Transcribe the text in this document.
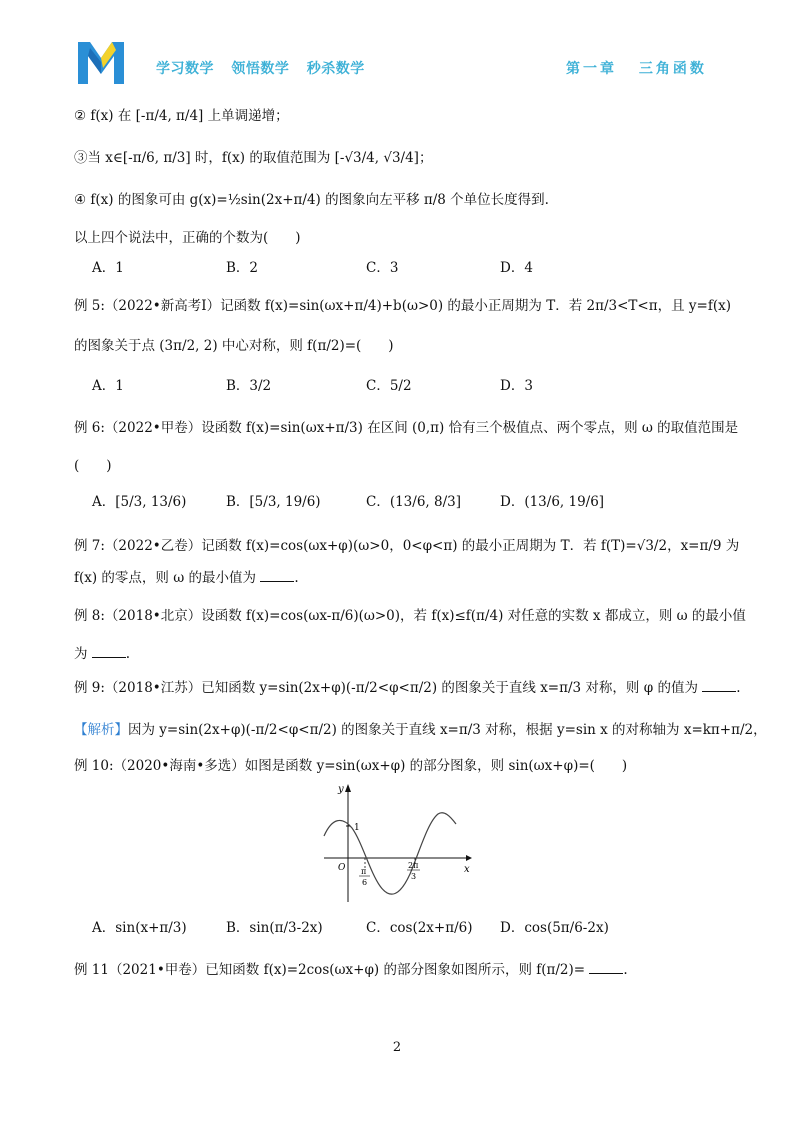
学习数学 领悟数学 秒杀数学	第一章 三角函数
② f(x) 在 [-π/4, π/4] 上单调递增；
③当 x∈[-π/6, π/3] 时，f(x) 的取值范围为 [-√3/4, √3/4]；
④ f(x) 的图象可由 g(x)=½sin(2x+π/4) 的图象向左平移 π/8 个单位长度得到.
以上四个说法中，正确的个数为(　　)
A．1	B．2	C．3	D．4
例 5:（2022•新高考Ⅰ）记函数 f(x)=sin(ωx+π/4)+b(ω>0) 的最小正周期为 T．若 2π/3<T<π，且 y=f(x)
的图象关于点 (3π/2, 2) 中心对称，则 f(π/2)=(　　)
A．1	B．3/2	C．5/2	D．3
例 6:（2022•甲卷）设函数 f(x)=sin(ωx+π/3) 在区间 (0,π) 恰有三个极值点、两个零点，则 ω 的取值范围是
(　　)
A．[5/3, 13/6)	B．[5/3, 19/6)	C．(13/6, 8/3]	D．(13/6, 19/6]
例 7:（2022•乙卷）记函数 f(x)=cos(ωx+φ)(ω>0，0<φ<π) 的最小正周期为 T．若 f(T)=√3/2，x=π/9 为
f(x) 的零点，则 ω 的最小值为	.
例 8:（2018•北京）设函数 f(x)=cos(ωx-π/6)(ω>0)，若 f(x)≤f(π/4) 对任意的实数 x 都成立，则 ω 的最小值
为	.
例 9:（2018•江苏）已知函数 y=sin(2x+φ)(-π/2<φ<π/2) 的图象关于直线 x=π/3 对称，则 φ 的值为	.
【解析】因为 y=sin(2x+φ)(-π/2<φ<π/2) 的图象关于直线 x=π/3 对称，根据 y=sin x 的对称轴为 x=kπ+π/2，
例 10:（2020•海南•多选）如图是函数 y=sin(ωx+φ) 的部分图象，则 sin(ωx+φ)=(　　)
y
x
O
1
π
6
2π
3
A．sin(x+π/3)	B．sin(π/3-2x)	C．cos(2x+π/6) D．cos(5π/6-2x)
例 11（2021•甲卷）已知函数 f(x)=2cos(ωx+φ) 的部分图象如图所示，则 f(π/2)=	.
2
